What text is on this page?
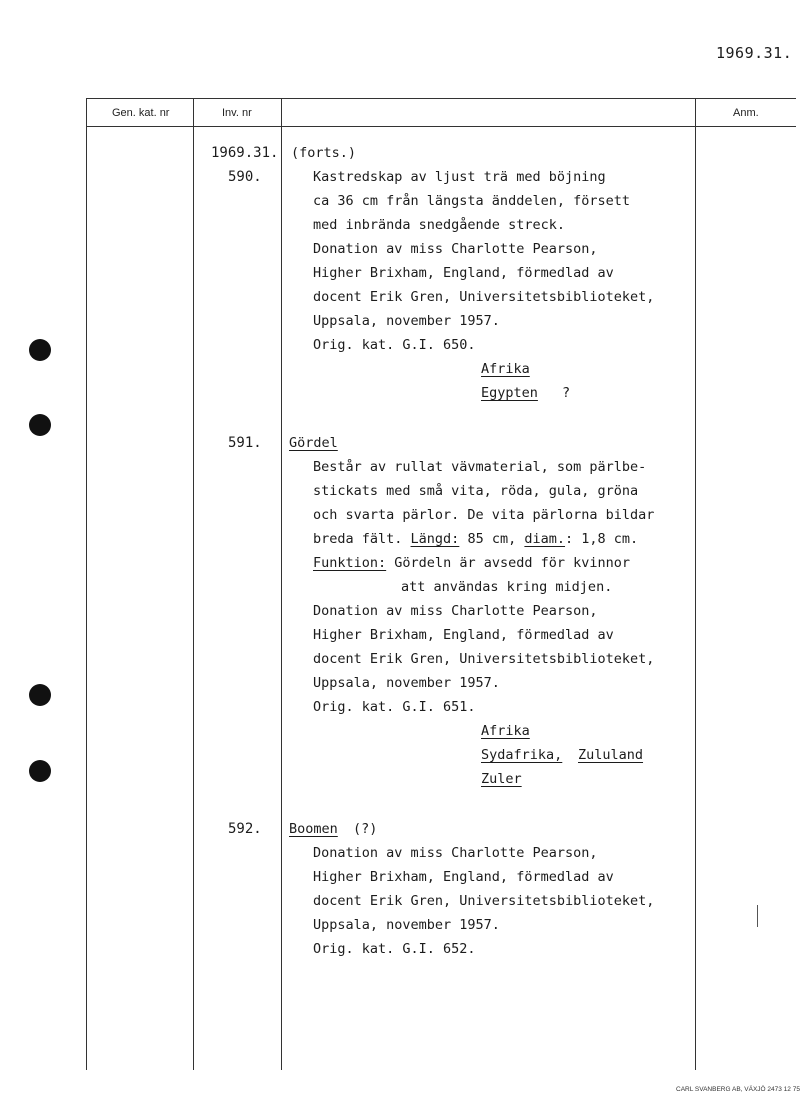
1969.31.
Gen. kat. nr	Inv. nr	Anm.
1969.31. (forts.)
590.	Kastredskap av ljust trä med böjning
ca 36 cm från längsta änddelen, försett
med inbrända snedgående streck.
Donation av miss Charlotte Pearson,
Higher Brixham, England, förmedlad av
docent Erik Gren, Universitetsbiblioteket,
Uppsala, november 1957.
Orig. kat. G.I. 650.
Afrika
Egypten ?
591. Gördel
Består av rullat vävmaterial, som pärlbe-
stickats med små vita, röda, gula, gröna
och svarta pärlor. De vita pärlorna bildar
breda fält. Längd: 85 cm, diam.: 1,8 cm.
Funktion: Gördeln är avsedd för kvinnor
att användas kring midjen.
Donation av miss Charlotte Pearson,
Higher Brixham, England, förmedlad av
docent Erik Gren, Universitetsbiblioteket,
Uppsala, november 1957.
Orig. kat. G.I. 651.
Afrika
Sydafrika, Zululand
Zuler
592. Boomen (?)
Donation av miss Charlotte Pearson,
Higher Brixham, England, förmedlad av
docent Erik Gren, Universitetsbiblioteket,
Uppsala, november 1957.
Orig. kat. G.I. 652.
CARL SVANBERG AB, VÄXJÖ 2473 12 75
